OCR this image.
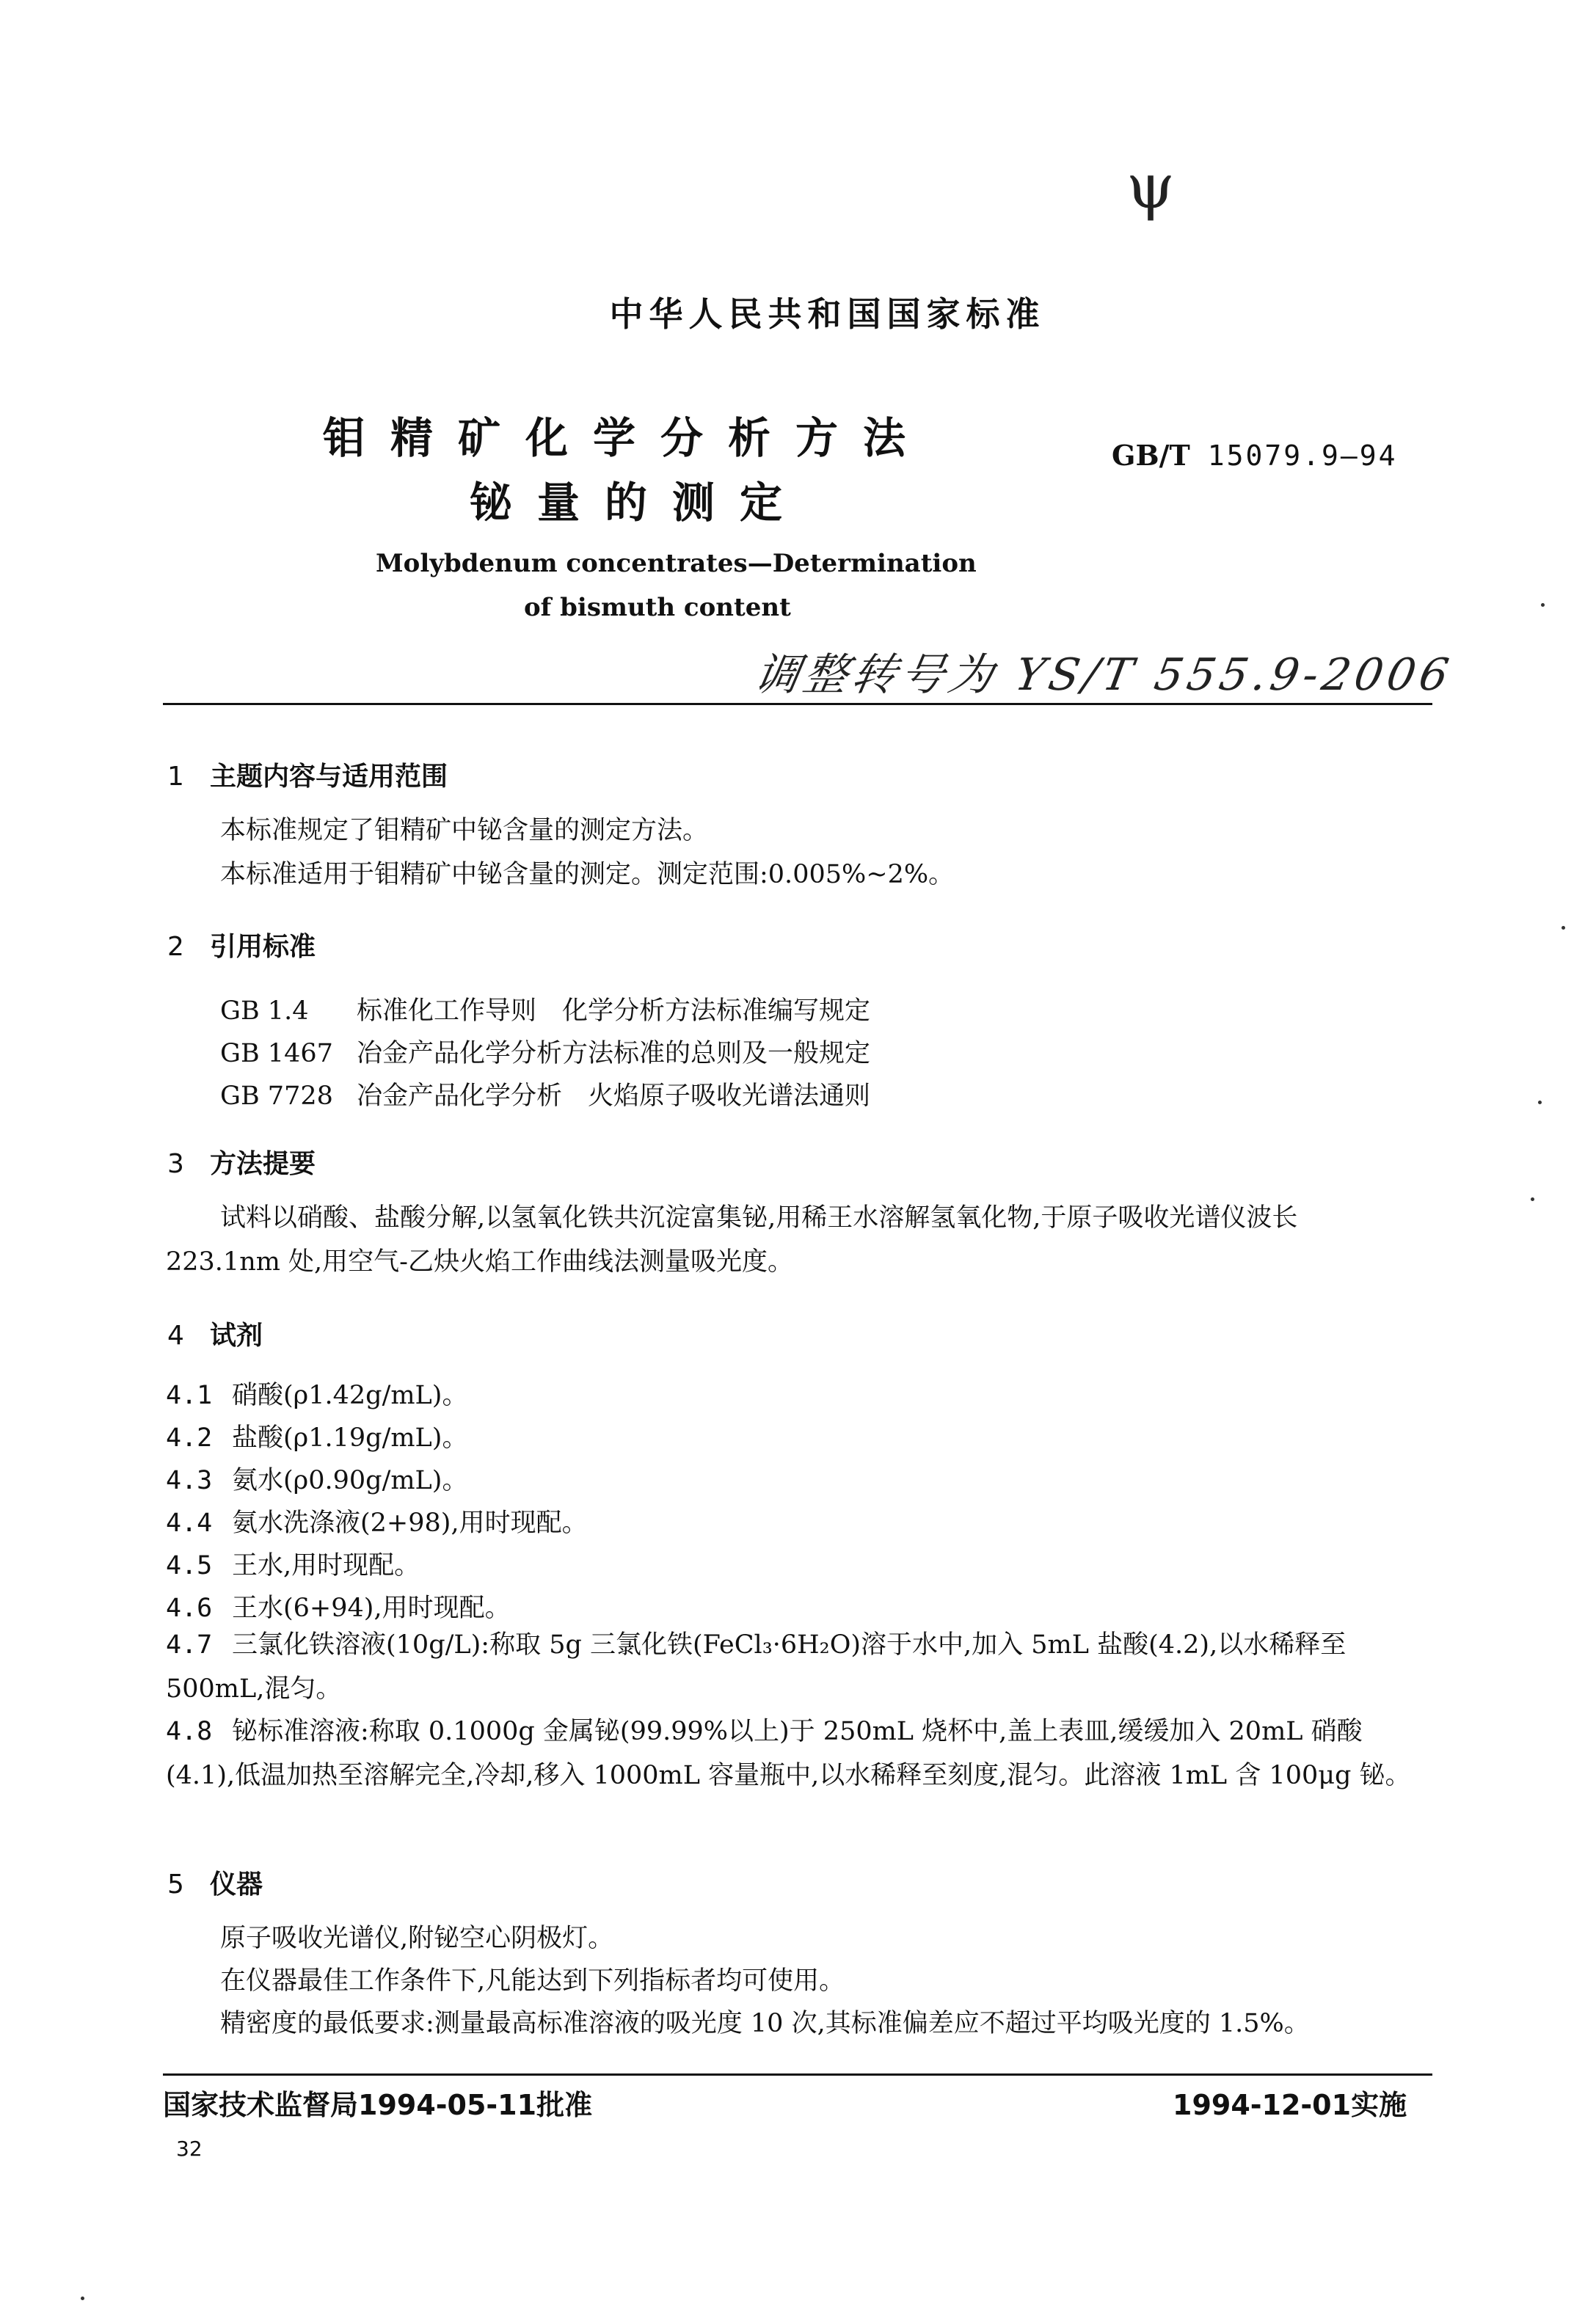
ψ
中华人民共和国国家标准
钼精矿化学分析方法
铋量的测定
GB/T 15079.9—94
Molybdenum concentrates—Determination
of bismuth content
调整转号为 YS/T 555.9-2006
1 主题内容与适用范围
本标准规定了钼精矿中铋含量的测定方法。
本标准适用于钼精矿中铋含量的测定。测定范围:0.005%~2%。
2 引用标准
GB 1.4 标准化工作导则　化学分析方法标准编写规定
GB 1467 冶金产品化学分析方法标准的总则及一般规定
GB 7728 冶金产品化学分析　火焰原子吸收光谱法通则
3 方法提要
试料以硝酸、盐酸分解,以氢氧化铁共沉淀富集铋,用稀王水溶解氢氧化物,于原子吸收光谱仪波长
223.1nm 处,用空气-乙炔火焰工作曲线法测量吸光度。
4 试剂
4.1 硝酸(ρ1.42g/mL)。
4.2 盐酸(ρ1.19g/mL)。
4.3 氨水(ρ0.90g/mL)。
4.4 氨水洗涤液(2+98),用时现配。
4.5 王水,用时现配。
4.6 王水(6+94),用时现配。
4.7 三氯化铁溶液(10g/L):称取 5g 三氯化铁(FeCl₃·6H₂O)溶于水中,加入 5mL 盐酸(4.2),以水稀释至 500mL,混匀。
4.8 铋标准溶液:称取 0.1000g 金属铋(99.99%以上)于 250mL 烧杯中,盖上表皿,缓缓加入 20mL 硝酸(4.1),低温加热至溶解完全,冷却,移入 1000mL 容量瓶中,以水稀释至刻度,混匀。此溶液 1mL 含 100μg 铋。
5 仪器
原子吸收光谱仪,附铋空心阴极灯。
在仪器最佳工作条件下,凡能达到下列指标者均可使用。
精密度的最低要求:测量最高标准溶液的吸光度 10 次,其标准偏差应不超过平均吸光度的 1.5%。
国家技术监督局1994-05-11批准	1994-12-01实施
32
